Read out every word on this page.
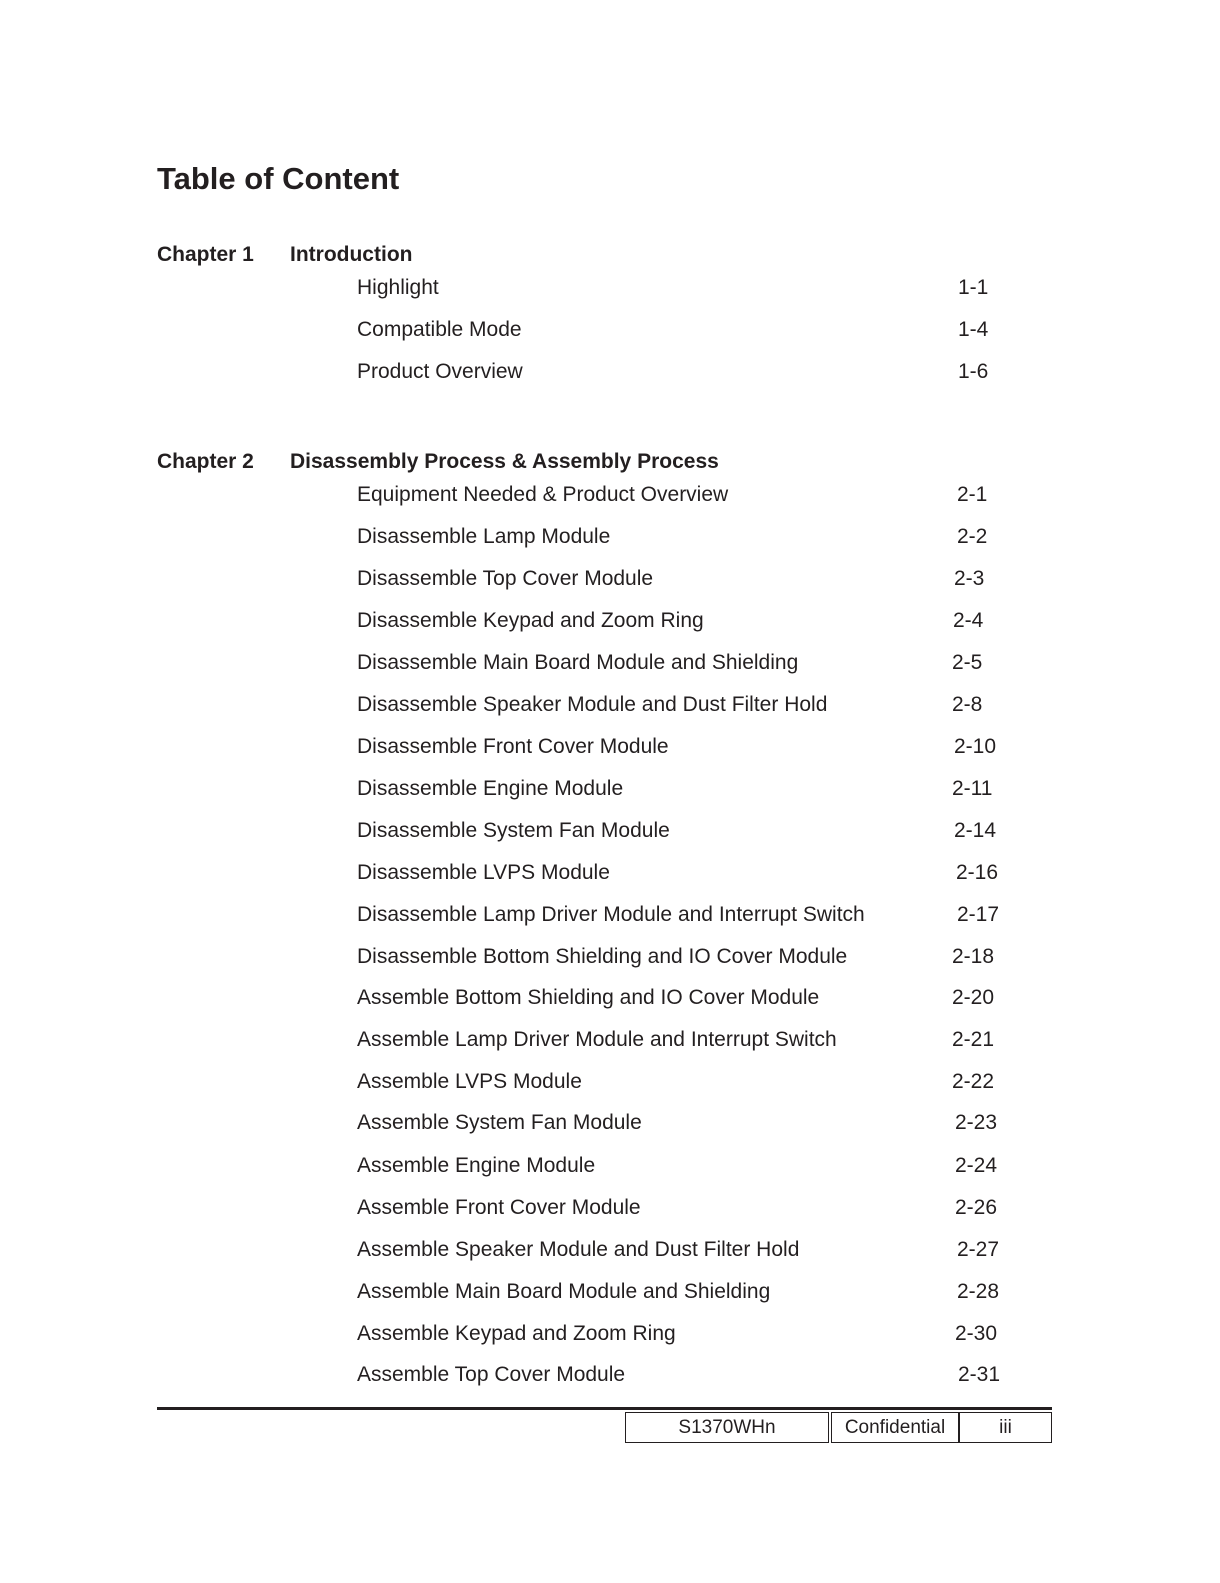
Table of Content
Chapter 1 Introduction
Highlight	1-1
Compatible Mode	1-4
Product Overview	1-6
Chapter 2 Disassembly Process & Assembly Process
Equipment Needed & Product Overview	2-1
Disassemble Lamp Module	2-2
Disassemble Top Cover Module	2-3
Disassemble Keypad and Zoom Ring	2-4
Disassemble Main Board Module and Shielding	2-5
Disassemble Speaker Module and Dust Filter Hold	2-8
Disassemble Front Cover Module	2-10
Disassemble Engine Module	2-11
Disassemble System Fan Module	2-14
Disassemble LVPS Module	2-16
Disassemble Lamp Driver Module and Interrupt Switch	2-17
Disassemble Bottom Shielding and IO Cover Module	2-18
Assemble Bottom Shielding and IO Cover Module	2-20
Assemble Lamp Driver Module and Interrupt Switch	2-21
Assemble LVPS Module	2-22
Assemble System Fan Module	2-23
Assemble Engine Module	2-24
Assemble Front Cover Module	2-26
Assemble Speaker Module and Dust Filter Hold	2-27
Assemble Main Board Module and Shielding	2-28
Assemble Keypad and Zoom Ring	2-30
Assemble Top Cover Module	2-31
S1370WHn	Confidential	iii
